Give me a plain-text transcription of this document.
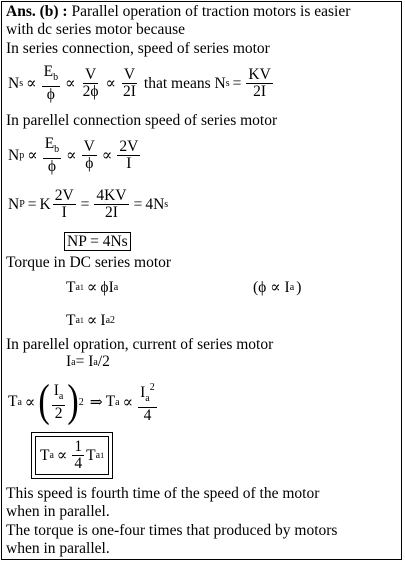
Ans. (b) : Parallel operation of traction motors is easier
with dc series motor because
In series connection, speed of series motor
N $s \propto \frac{E_b}{\phi} \propto \frac{V}{2\phi} \propto \frac{V}{2I}$ that means N $s = \frac{KV}{2I}$
In parellel connection speed of series motor
N $p \propto \frac{E_b}{\phi} \propto \frac{V}{\phi} \propto \frac{2V}{I}$
N P = K $\frac{2V}{I} = \frac{4KV}{2I} = 4N$ s
NP = 4Ns
Torque in DC series motor
T a 1 ∝ ϕI a	(ϕ ∝ I a )
T a 1 ∝ I a 2
In parellel opration, current of series motor
I a = I a /2
T a ∝ ( $\frac{I_a}{2}$ ) 2 ⇒ T $a \propto \frac{I_a^2}{4}$
T $a \propto \frac{1}{4}$ T a 1
This speed is fourth time of the speed of the motor
when in parallel.
The torque is one-four times that produced by motors
when in parallel.
